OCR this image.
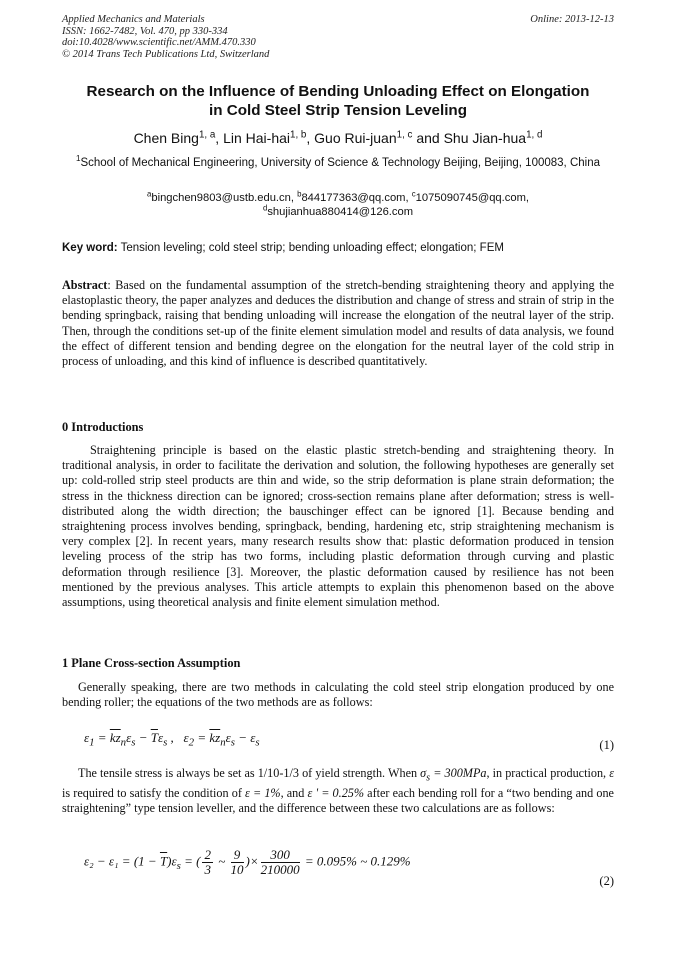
Applied Mechanics and Materials
ISSN: 1662-7482, Vol. 470, pp 330-334
doi:10.4028/www.scientific.net/AMM.470.330
© 2014 Trans Tech Publications Ltd, Switzerland
Online: 2013-12-13
Research on the Influence of Bending Unloading Effect on Elongation
in Cold Steel Strip Tension Leveling
Chen Bing$^{1, a}$, Lin Hai-hai$^{1, b}$, Guo Rui-juan$^{1, c}$ and Shu Jian-hua$^{1, d}$
$^1$School of Mechanical Engineering, University of Science & Technology Beijing, Beijing, 100083, China
$^a$bingchen9803@ustb.edu.cn, $^b$844177363@qq.com, $^c$1075090745@qq.com,
$^d$shujianhua880414@126.com
Key word: Tension leveling; cold steel strip; bending unloading effect; elongation; FEM
Abstract: Based on the fundamental assumption of the stretch-bending straightening theory and applying the elastoplastic theory, the paper analyzes and deduces the distribution and change of stress and strain of strip in the bending springback, raising that bending unloading will increase the elongation of the neutral layer of the strip. Then, through the conditions set-up of the finite element simulation model and results of data analysis, we found the effect of different tension and bending degree on the elongation for the neutral layer of the cold strip in process of unloading, and this kind of influence is described quantitatively.
0 Introductions
Straightening principle is based on the elastic plastic stretch-bending and straightening theory. In traditional analysis, in order to facilitate the derivation and solution, the following hypotheses are generally set up: cold-rolled strip steel products are thin and wide, so the strip deformation is plane strain deformation; the stress in the thickness direction can be ignored; cross-section remains plane after deformation; stress is well- distributed along the width direction; the bauschinger effect can be ignored [1]. Because bending and straightening process involves bending, springback, bending, hardening etc, strip straightening mechanism is very complex [2]. In recent years, many research results show that: plastic deformation produced in tension leveling process of the strip has two forms, including plastic deformation through curving and plastic deformation through resilience [3]. Moreover, the plastic deformation caused by resilience has not been mentioned by the previous analyses. This article attempts to explain this phenomenon based on the above assumptions, using theoretical analysis and finite element simulation method.
1 Plane Cross-section Assumption
Generally speaking, there are two methods in calculating the cold steel strip elongation produced by one bending roller; the equations of the two methods are as follows:
$\varepsilon_1 = \overline{kz}_n\varepsilon_s - \overline{T}\varepsilon_s$ ,   $\varepsilon_2 = \overline{kz}_n\varepsilon_s - \varepsilon_s$	(1)
The tensile stress is always be set as 1/10-1/3 of yield strength. When $\sigma_s = 300MPa$, in practical production, ε is required to satisfy the condition of ε = 1%, and ε ' = 0.25% after each bending roll for a “two bending and one straightening” type tension leveller, and the difference between these two calculations are as follows:
$\varepsilon_2 - \varepsilon_1 = (1 - \overline{T})\varepsilon_s$ = ( $\frac{2}{3}$ ~ $\frac{9}{10}$ )× $\frac{300}{210000} = 0.095\%$ ~ 0.129%
(2)
